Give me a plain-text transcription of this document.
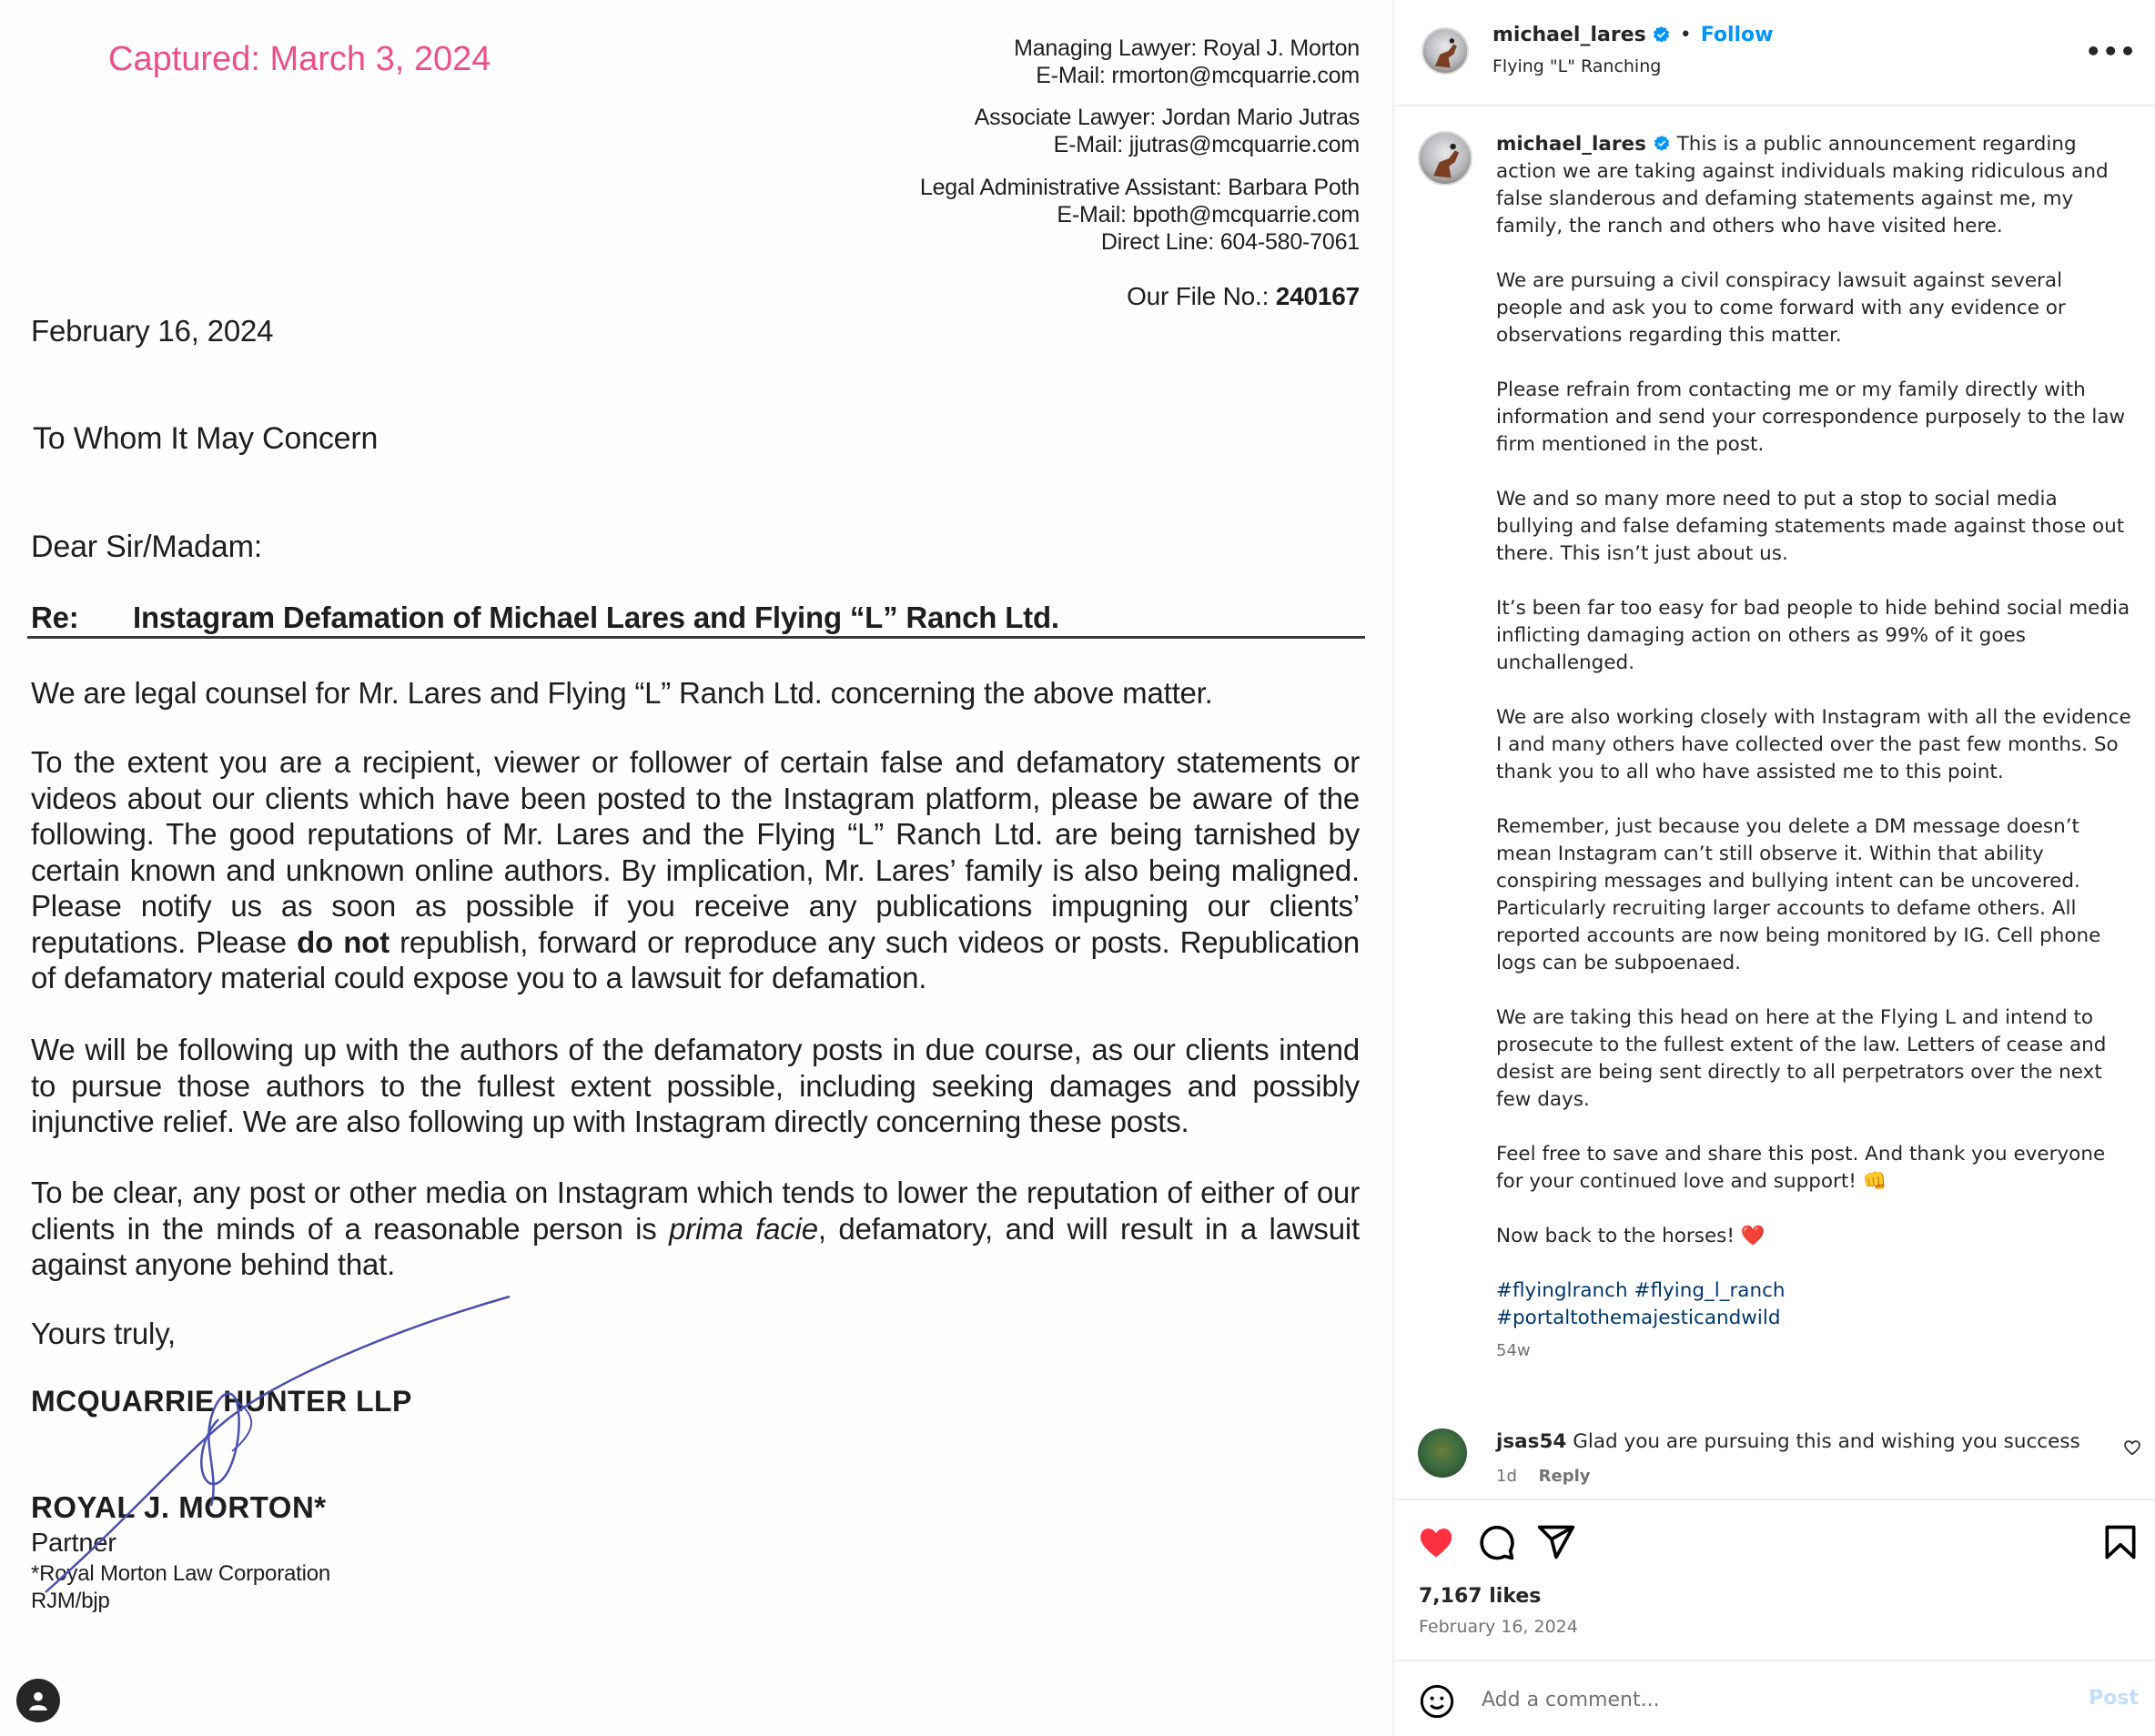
Captured: March 3, 2024	Managing Lawyer: Royal J. Morton
E-Mail: rmorton@mcquarrie.com
Associate Lawyer: Jordan Mario Jutras
E-Mail: jjutras@mcquarrie.com
Legal Administrative Assistant: Barbara Poth
E-Mail: bpoth@mcquarrie.com
Direct Line: 604-580-7061
Our File No.: 240167
February 16, 2024
To Whom It May Concern
Dear Sir/Madam:
Re: Instagram Defamation of Michael Lares and Flying “L” Ranch Ltd.
We are legal counsel for Mr. Lares and Flying “L” Ranch Ltd. concerning the above matter.
To the extent you are a recipient, viewer or follower of certain false and defamatory statements or videos about our clients which have been posted to the Instagram platform, please be aware of the following. The good reputations of Mr. Lares and the Flying “L” Ranch Ltd. are being tarnished by certain known and unknown online authors. By implication, Mr. Lares’ family is also being maligned. Please notify us as soon as possible if you receive any publications impugning our clients’ reputations. Please do not republish, forward or reproduce any such videos or posts. Republication of defamatory material could expose you to a lawsuit for defamation.
We will be following up with the authors of the defamatory posts in due course, as our clients intend to pursue those authors to the fullest extent possible, including seeking damages and possibly injunctive relief. We are also following up with Instagram directly concerning these posts.
To be clear, any post or other media on Instagram which tends to lower the reputation of either of our clients in the minds of a reasonable person is prima facie, defamatory, and will result in a lawsuit against anyone behind that.
Yours truly,
MCQUARRIE HUNTER LLP
ROYAL J. MORTON*
Partner
*Royal Morton Law Corporation
RJM/bjp
michael_lares • Follow
Flying "L" Ranching	•••

michael_lares This is a public announcement regarding action we are taking against individuals making ridiculous and false slanderous and defaming statements against me, my family, the ranch and others who have visited here.

We are pursuing a civil conspiracy lawsuit against several people and ask you to come forward with any evidence or observations regarding this matter.

Please refrain from contacting me or my family directly with information and send your correspondence purposely to the law firm mentioned in the post.

We and so many more need to put a stop to social media bullying and false defaming statements made against those out there. This isn’t just about us.

It’s been far too easy for bad people to hide behind social media inflicting damaging action on others as 99% of it goes unchallenged.

We are also working closely with Instagram with all the evidence I and many others have collected over the past few months. So thank you to all who have assisted me to this point.

Remember, just because you delete a DM message doesn’t mean Instagram can’t still observe it. Within that ability conspiring messages and bullying intent can be uncovered. Particularly recruiting larger accounts to defame others. All reported accounts are now being monitored by IG. Cell phone logs can be subpoenaed.

We are taking this head on here at the Flying L and intend to prosecute to the fullest extent of the law. Letters of cease and desist are being sent directly to all perpetrators over the next few days.

Feel free to save and share this post. And thank you everyone for your continued love and support! 👊

Now back to the horses! ❤️

#flyinglranch #flying_l_ranch
#portaltothemajesticandwild
54w
jsas54 Glad you are pursuing this and wishing you success
1d Reply
7,167 likes
February 16, 2024
Add a comment...
Post
